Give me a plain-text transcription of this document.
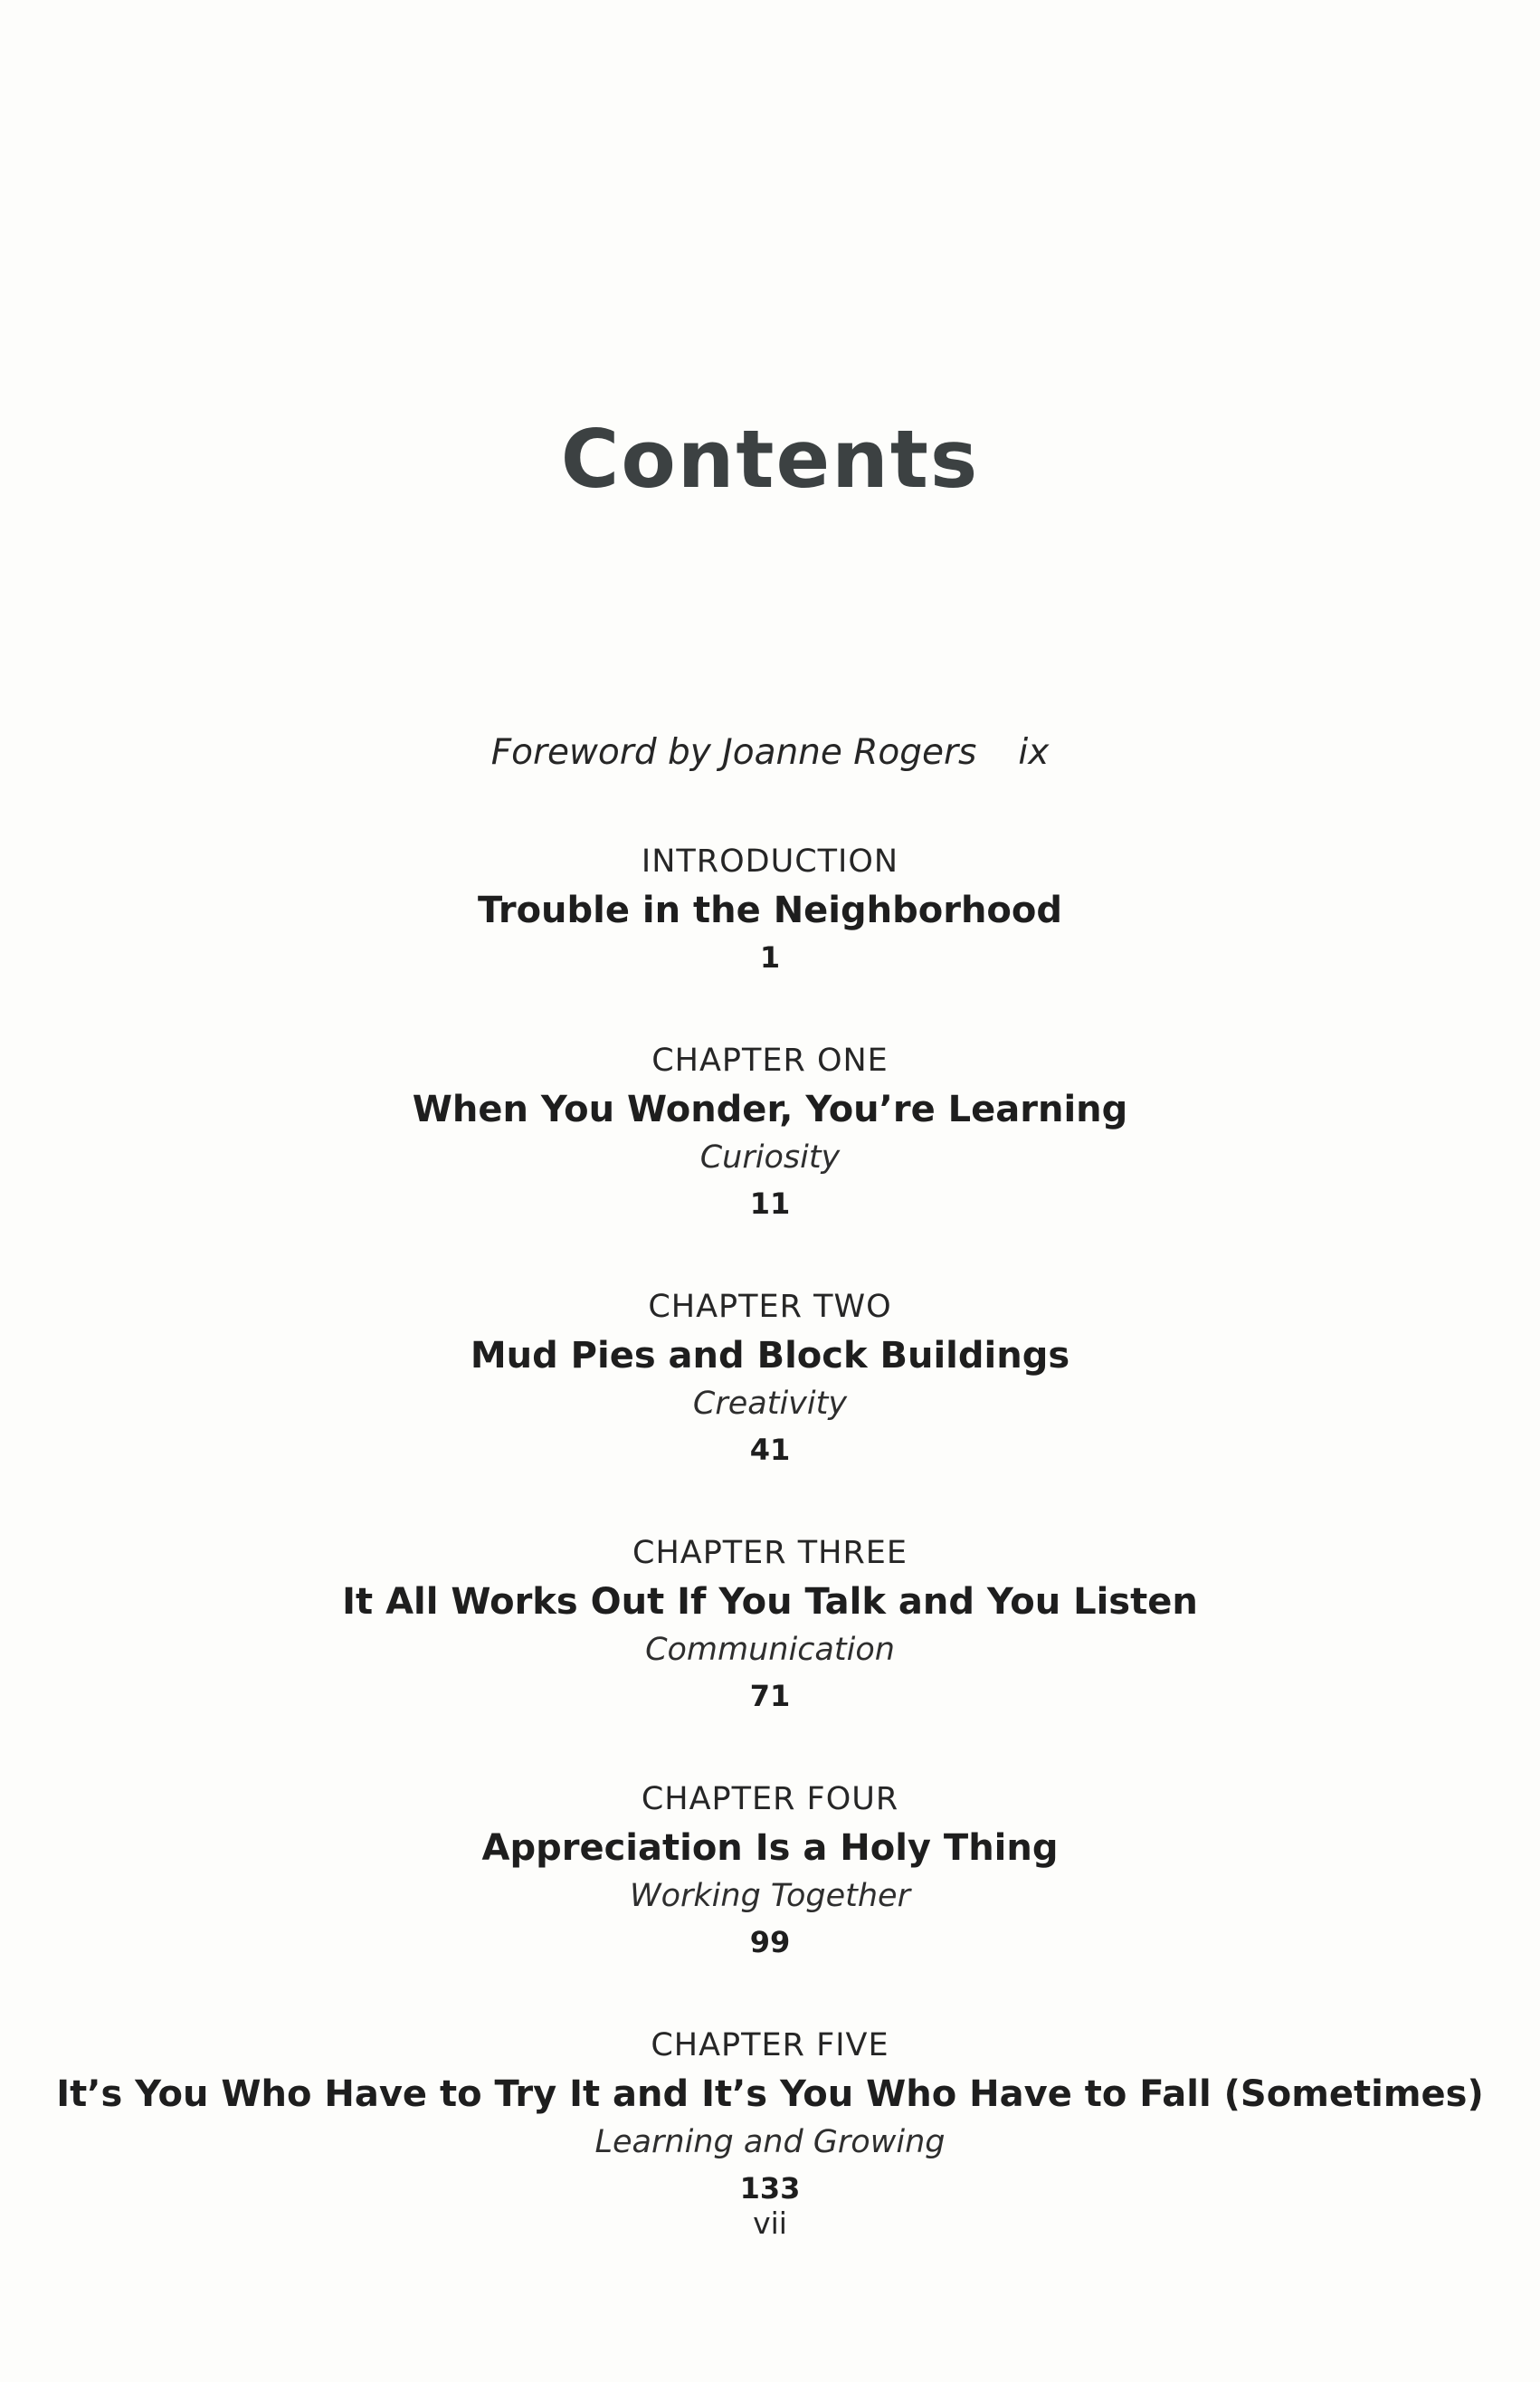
Contents
Foreword by Joanne Rogers ix
INTRODUCTION
Trouble in the Neighborhood
1
CHAPTER ONE
When You Wonder, You’re Learning
Curiosity
11
CHAPTER TWO
Mud Pies and Block Buildings
Creativity
41
CHAPTER THREE
It All Works Out If You Talk and You Listen
Communication
71
CHAPTER FOUR
Appreciation Is a Holy Thing
Working Together
99
CHAPTER FIVE
It’s You Who Have to Try It and It’s You Who Have to Fall (Sometimes)
Learning and Growing
133
vii
